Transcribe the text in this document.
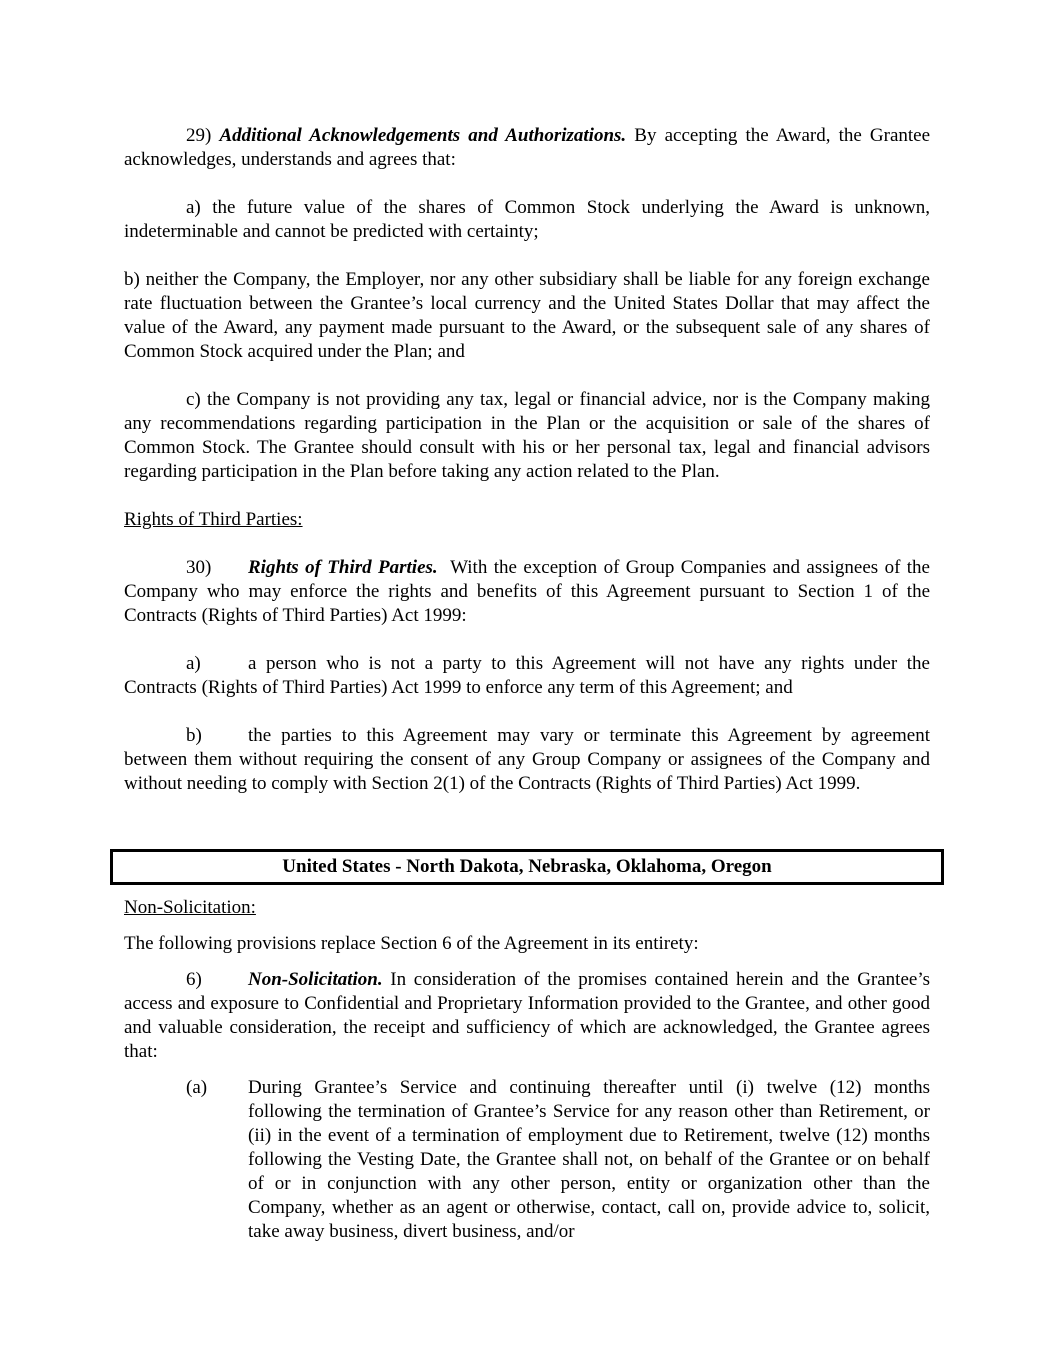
29) Additional Acknowledgements and Authorizations. By accepting the Award, the Grantee acknowledges, understands and agrees that:

a) the future value of the shares of Common Stock underlying the Award is unknown, indeterminable and cannot be predicted with certainty;

b) neither the Company, the Employer, nor any other subsidiary shall be liable for any foreign exchange rate fluctuation between the Grantee’s local currency and the United States Dollar that may affect the value of the Award, any payment made pursuant to the Award, or the subsequent sale of any shares of Common Stock acquired under the Plan; and

c) the Company is not providing any tax, legal or financial advice, nor is the Company making any recommendations regarding participation in the Plan or the acquisition or sale of the shares of Common Stock. The Grantee should consult with his or her personal tax, legal and financial advisors regarding participation in the Plan before taking any action related to the Plan.

Rights of Third Parties:

30) Rights of Third Parties. With the exception of Group Companies and assignees of the Company who may enforce the rights and benefits of this Agreement pursuant to Section 1 of the Contracts (Rights of Third Parties) Act 1999:

a) a person who is not a party to this Agreement will not have any rights under the Contracts (Rights of Third Parties) Act 1999 to enforce any term of this Agreement; and

b) the parties to this Agreement may vary or terminate this Agreement by agreement between them without requiring the consent of any Group Company or assignees of the Company and without needing to comply with Section 2(1) of the Contracts (Rights of Third Parties) Act 1999.

United States - North Dakota, Nebraska, Oklahoma, Oregon

Non-Solicitation:

The following provisions replace Section 6 of the Agreement in its entirety:

6) Non-Solicitation. In consideration of the promises contained herein and the Grantee’s access and exposure to Confidential and Proprietary Information provided to the Grantee, and other good and valuable consideration, the receipt and sufficiency of which are acknowledged, the Grantee agrees that:

(a)	During Grantee’s Service and continuing thereafter until (i) twelve (12) months following the termination of Grantee’s Service for any reason other than Retirement, or (ii) in the event of a termination of employment due to Retirement, twelve (12) months following the Vesting Date, the Grantee shall not, on behalf of the Grantee or on behalf of or in conjunction with any other person, entity or organization other than the Company, whether as an agent or otherwise, contact, call on, provide advice to, solicit, take away business, divert business, and/or
